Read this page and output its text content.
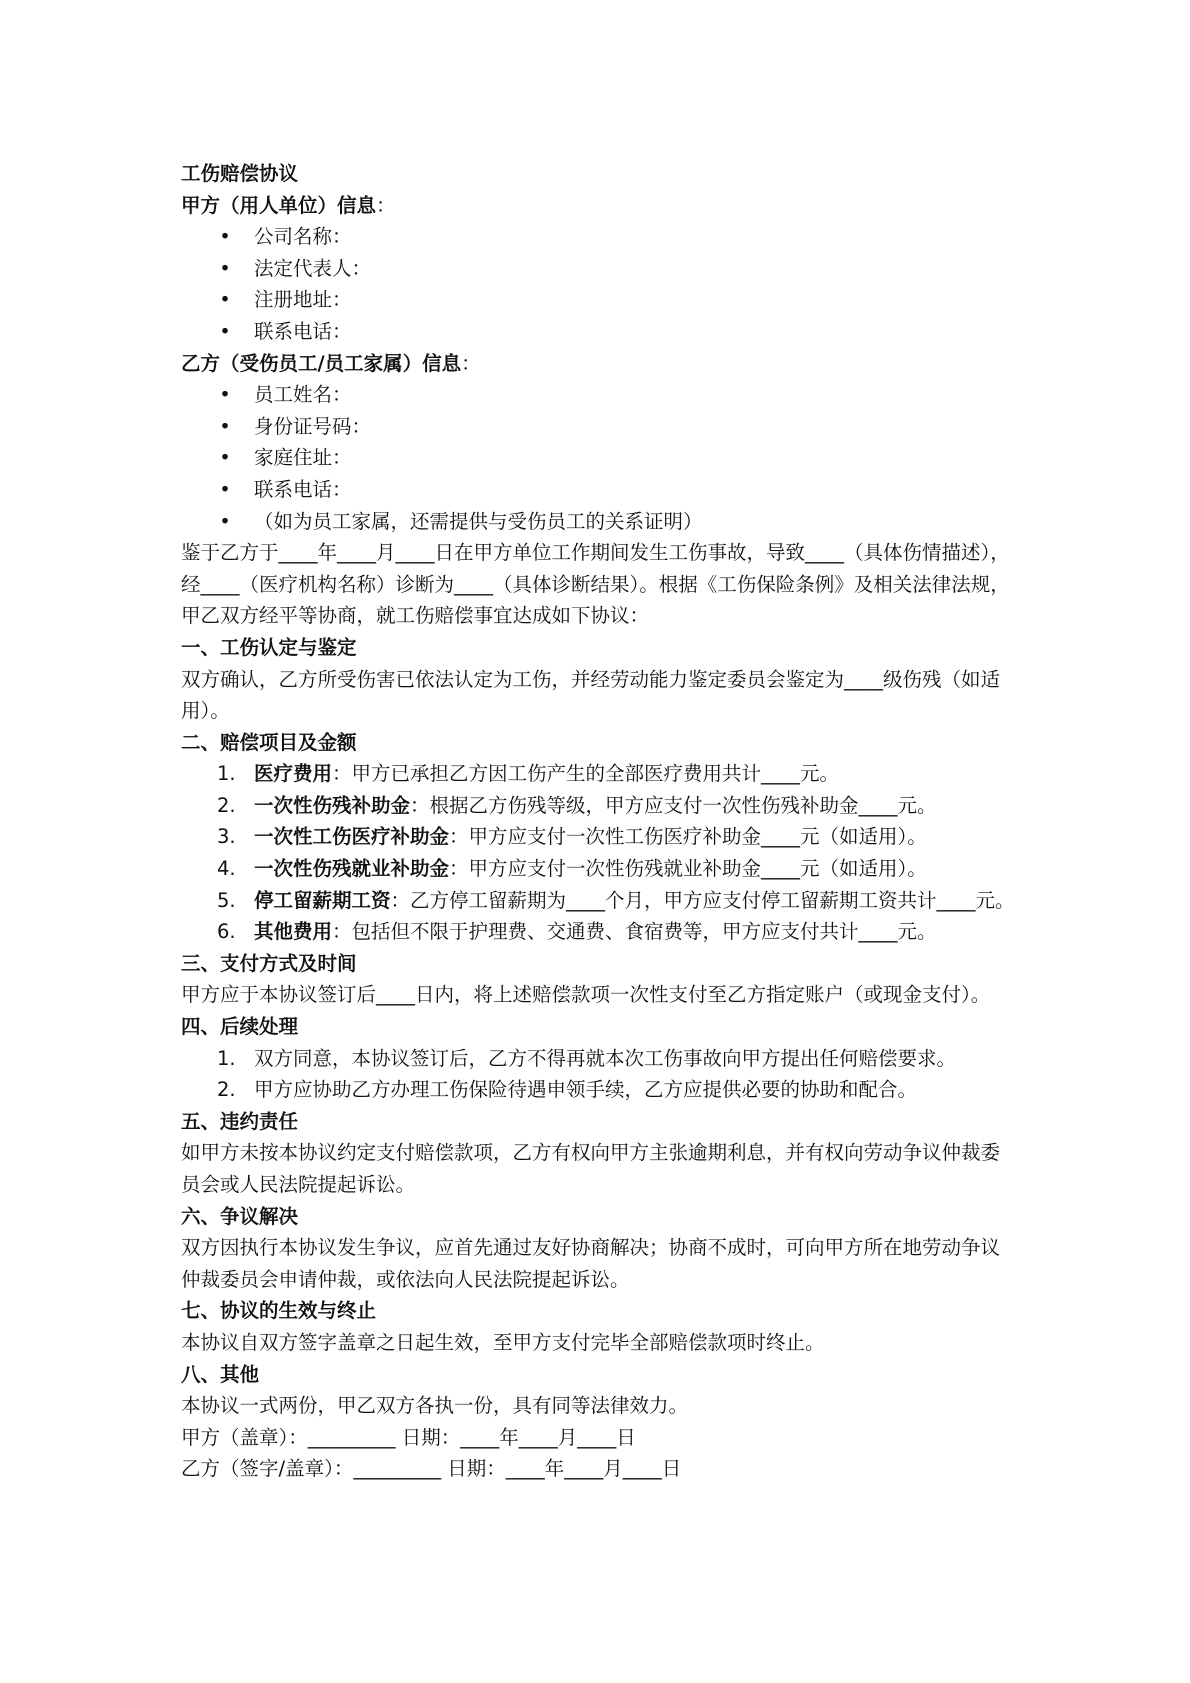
工伤赔偿协议

甲方（用人单位）信息：

• 公司名称：
• 法定代表人：
• 注册地址：
• 联系电话：

乙方（受伤员工/员工家属）信息：

• 员工姓名：
• 身份证号码：
• 家庭住址：
• 联系电话：
• （如为员工家属，还需提供与受伤员工的关系证明）

鉴于乙方于____年____月____日在甲方单位工作期间发生工伤事故，导致____（具体伤情描述），经____（医疗机构名称）诊断为____（具体诊断结果）。根据《工伤保险条例》及相关法律法规，甲乙双方经平等协商，就工伤赔偿事宜达成如下协议：

一、工伤认定与鉴定

双方确认，乙方所受伤害已依法认定为工伤，并经劳动能力鉴定委员会鉴定为____级伤残（如适用）。

二、赔偿项目及金额

1. 医疗费用：甲方已承担乙方因工伤产生的全部医疗费用共计____元。
2. 一次性伤残补助金：根据乙方伤残等级，甲方应支付一次性伤残补助金____元。
3. 一次性工伤医疗补助金：甲方应支付一次性工伤医疗补助金____元（如适用）。
4. 一次性伤残就业补助金：甲方应支付一次性伤残就业补助金____元（如适用）。
5. 停工留薪期工资：乙方停工留薪期为____个月，甲方应支付停工留薪期工资共计____元。
6. 其他费用：包括但不限于护理费、交通费、食宿费等，甲方应支付共计____元。

三、支付方式及时间

甲方应于本协议签订后____日内，将上述赔偿款项一次性支付至乙方指定账户（或现金支付）。

四、后续处理

1. 双方同意，本协议签订后，乙方不得再就本次工伤事故向甲方提出任何赔偿要求。
2. 甲方应协助乙方办理工伤保险待遇申领手续，乙方应提供必要的协助和配合。

五、违约责任

如甲方未按本协议约定支付赔偿款项，乙方有权向甲方主张逾期利息，并有权向劳动争议仲裁委员会或人民法院提起诉讼。

六、争议解决

双方因执行本协议发生争议，应首先通过友好协商解决；协商不成时，可向甲方所在地劳动争议仲裁委员会申请仲裁，或依法向人民法院提起诉讼。

七、协议的生效与终止

本协议自双方签字盖章之日起生效，至甲方支付完毕全部赔偿款项时终止。

八、其他

本协议一式两份，甲乙双方各执一份，具有同等法律效力。

甲方（盖章）：_________ 日期：____年____月____日

乙方（签字/盖章）：_________ 日期：____年____月____日
